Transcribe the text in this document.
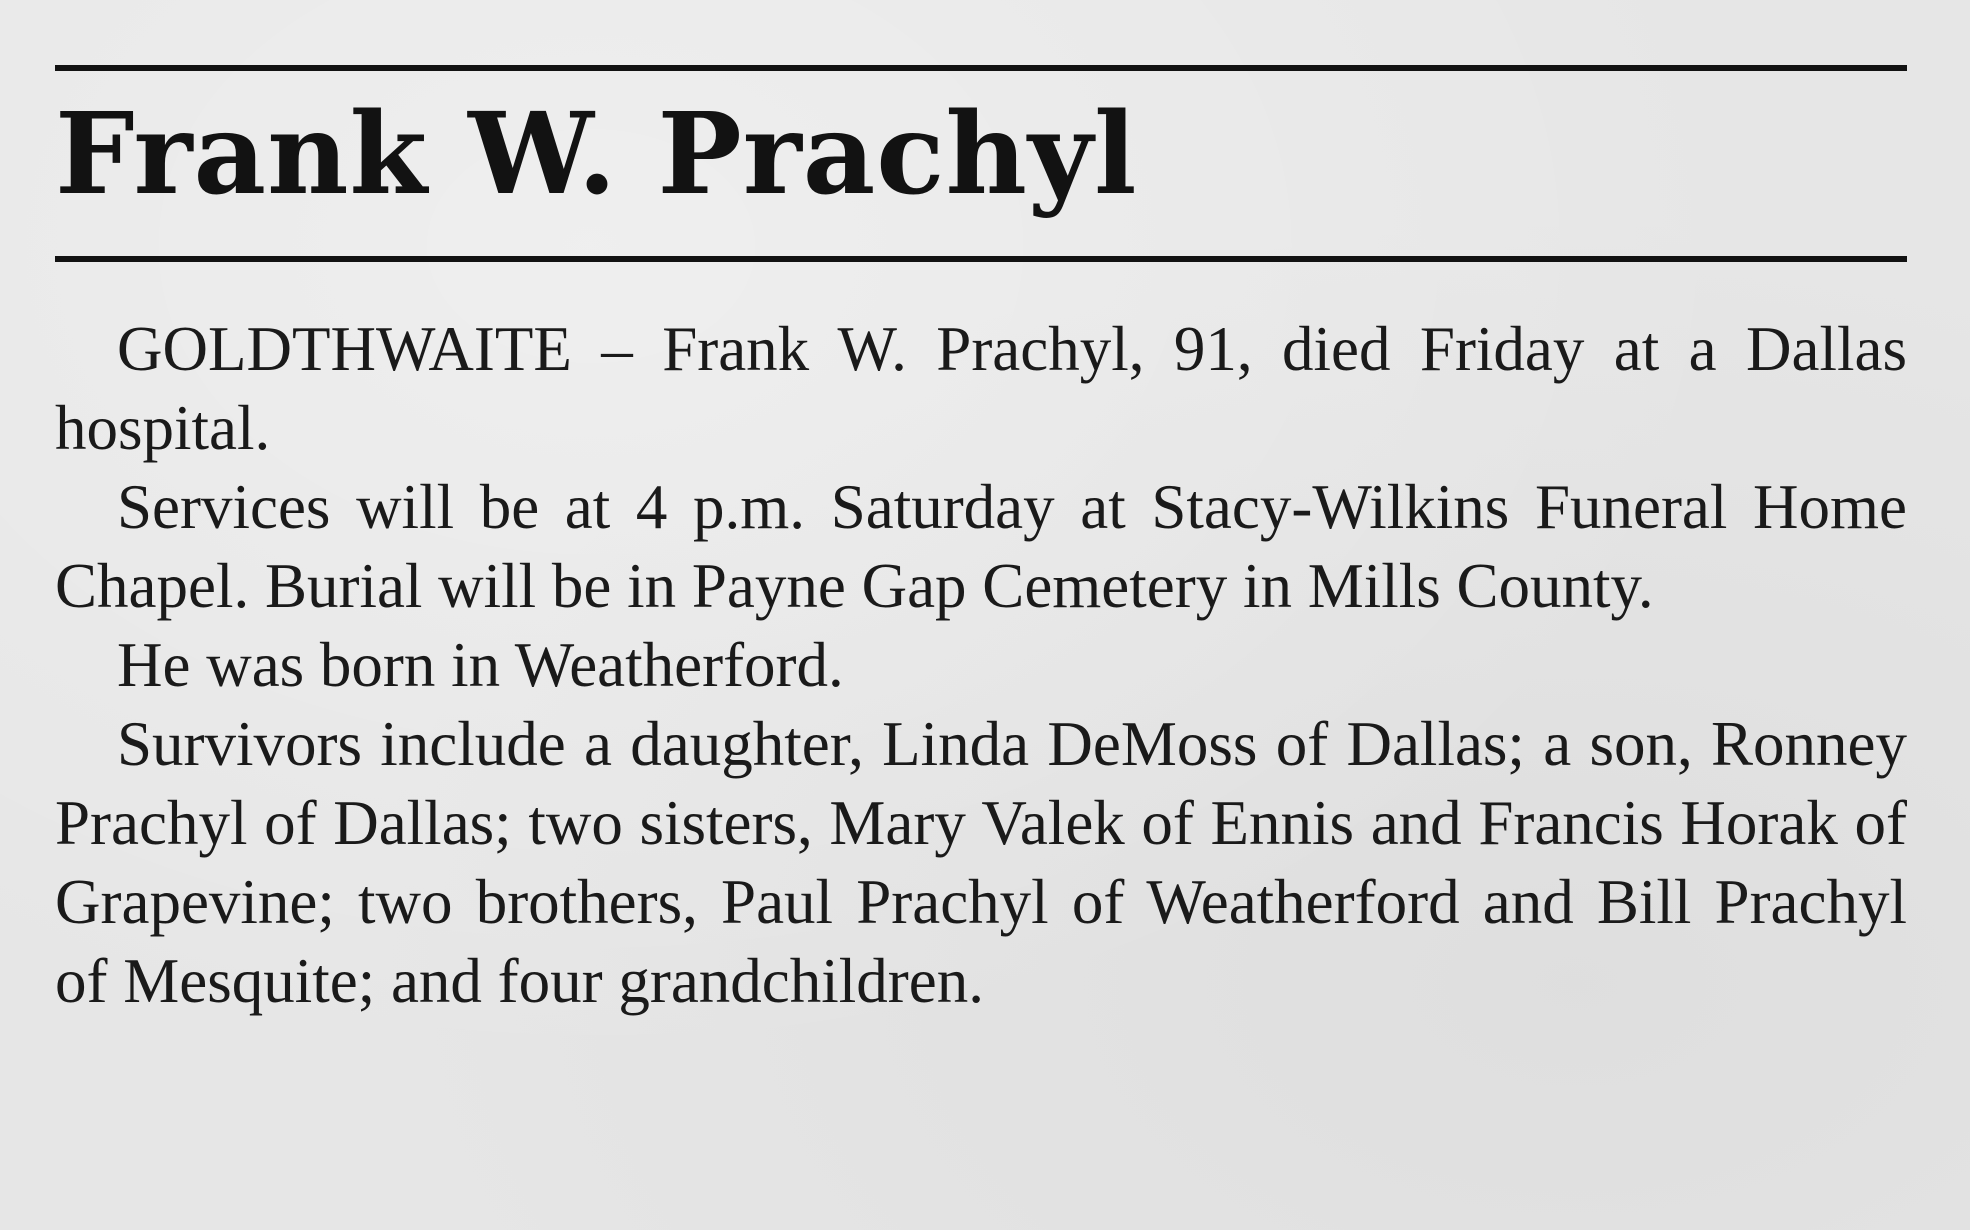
Frank W. Prachyl

GOLDTHWAITE – Frank W. Prachyl, 91, died Friday at a Dallas hospital.

Services will be at 4 p.m. Saturday at Stacy-Wilkins Funeral Home Chapel. Burial will be in Payne Gap Cemetery in Mills County.

He was born in Weatherford.

Survivors include a daughter, Linda DeMoss of Dallas; a son, Ronney Prachyl of Dallas; two sisters, Mary Valek of Ennis and Francis Horak of Grapevine; two brothers, Paul Prachyl of Weatherford and Bill Prachyl of Mesquite; and four grandchildren.
